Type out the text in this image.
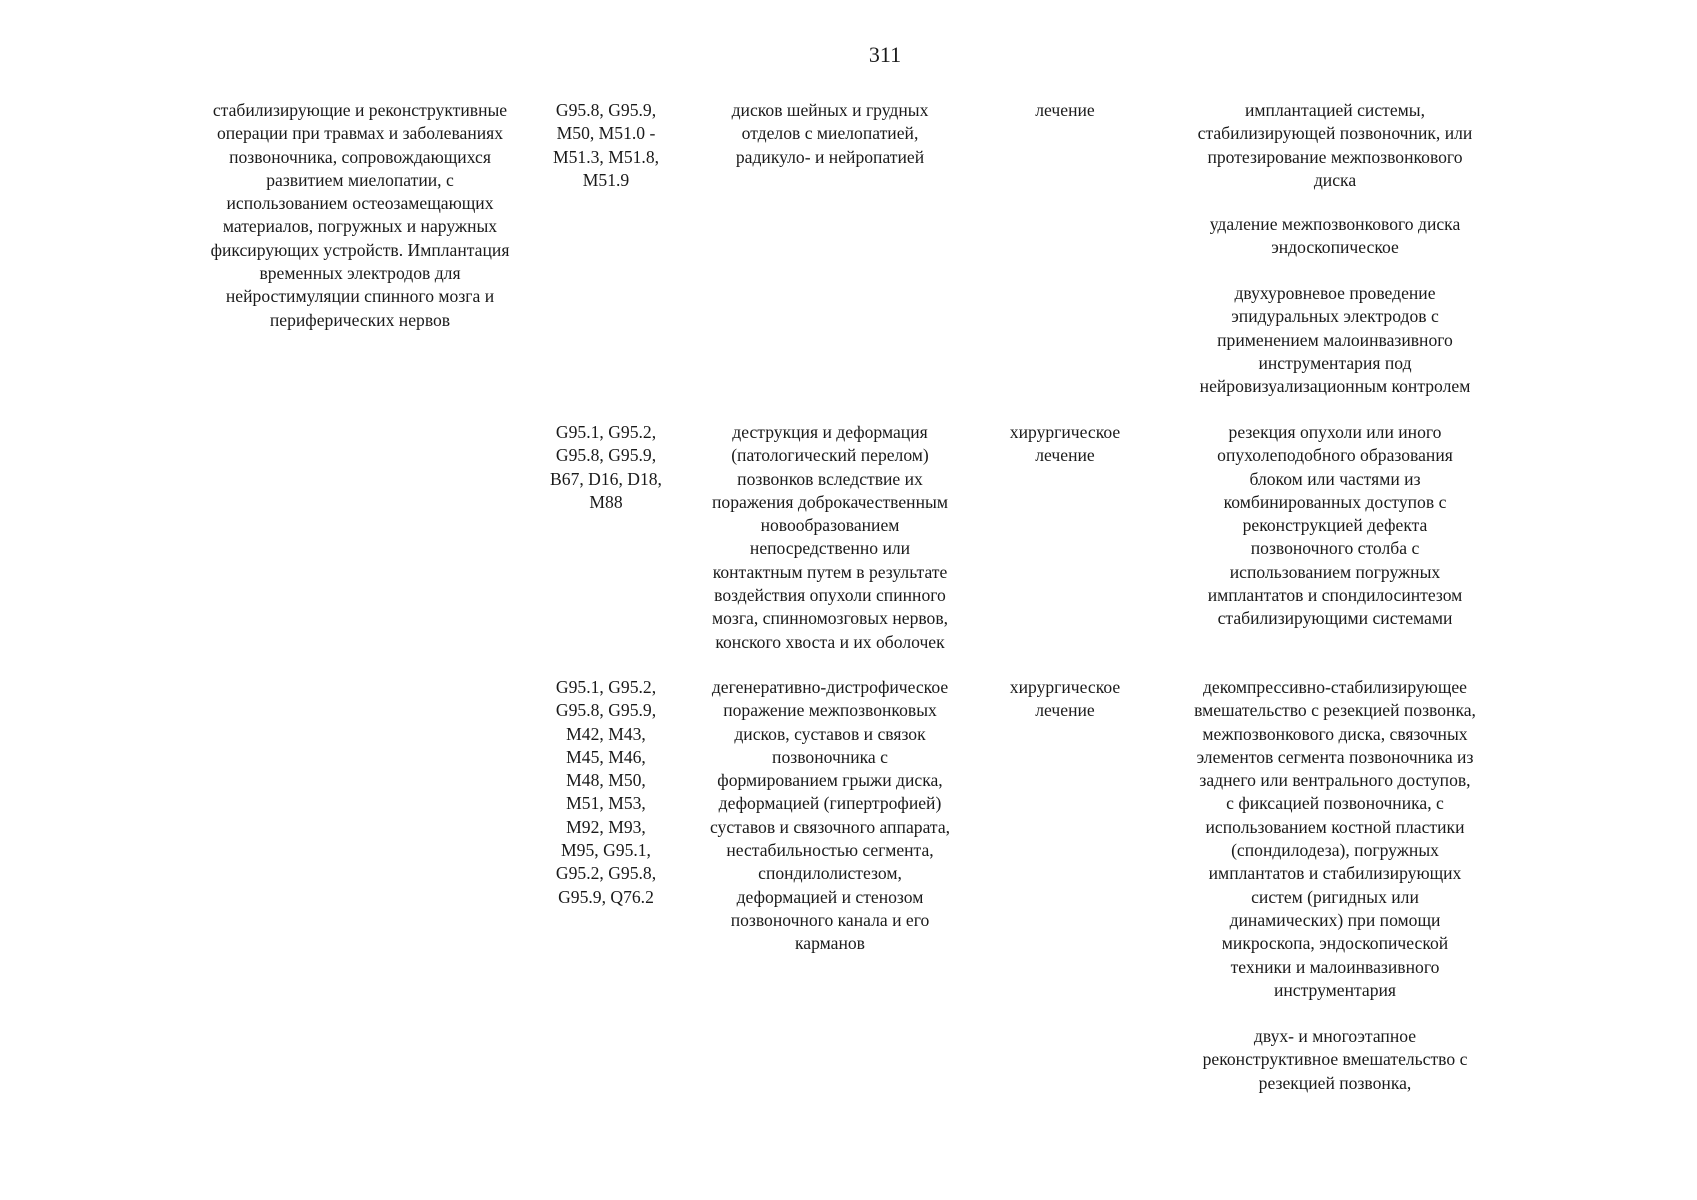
311
стабилизирующие и реконструктивные
операции при травмах и заболеваниях
позвоночника, сопровождающихся
развитием миелопатии, с
использованием остеозамещающих
материалов, погружных и наружных
фиксирующих устройств. Имплантация
временных электродов для
нейростимуляции спинного мозга и
периферических нервов
G95.8, G95.9,
M50, M51.0 -
M51.3, M51.8,
M51.9
дисков шейных и грудных
отделов с миелопатией,
радикуло- и нейропатией
лечение	имплантацией системы,
стабилизирующей позвоночник, или
протезирование межпозвонкового
диска
удаление межпозвонкового диска
эндоскопическое
двухуровневое проведение
эпидуральных электродов с
применением малоинвазивного
инструментария под
нейровизуализационным контролем
G95.1, G95.2,
G95.8, G95.9,
B67, D16, D18,
M88
деструкция и деформация
(патологический перелом)
позвонков вследствие их
поражения доброкачественным
новообразованием
непосредственно или
контактным путем в результате
воздействия опухоли спинного
мозга, спинномозговых нервов,
конского хвоста и их оболочек
хирургическое
лечение
резекция опухоли или иного
опухолеподобного образования
блоком или частями из
комбинированных доступов с
реконструкцией дефекта
позвоночного столба с
использованием погружных
имплантатов и спондилосинтезом
стабилизирующими системами
G95.1, G95.2,
G95.8, G95.9,
M42, M43,
M45, M46,
M48, M50,
M51, M53,
M92, M93,
M95, G95.1,
G95.2, G95.8,
G95.9, Q76.2
дегенеративно-дистрофическое
поражение межпозвонковых
дисков, суставов и связок
позвоночника с
формированием грыжи диска,
деформацией (гипертрофией)
суставов и связочного аппарата,
нестабильностью сегмента,
спондилолистезом,
деформацией и стенозом
позвоночного канала и его
карманов
хирургическое
лечение
декомпрессивно-стабилизирующее
вмешательство с резекцией позвонка,
межпозвонкового диска, связочных
элементов сегмента позвоночника из
заднего или вентрального доступов,
с фиксацией позвоночника, с
использованием костной пластики
(спондилодеза), погружных
имплантатов и стабилизирующих
систем (ригидных или
динамических) при помощи
микроскопа, эндоскопической
техники и малоинвазивного
инструментария
двух- и многоэтапное
реконструктивное вмешательство с
резекцией позвонка,
